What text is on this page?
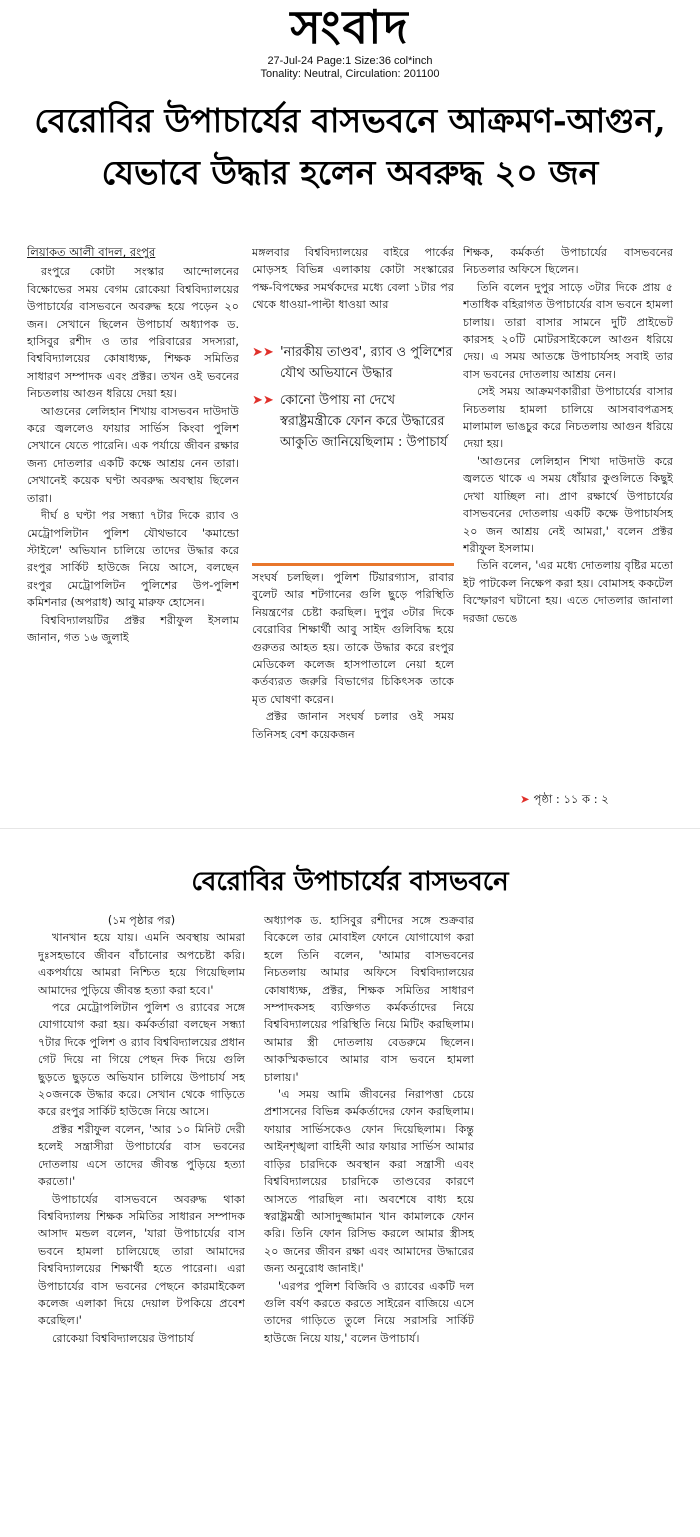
সংবাদ
27-Jul-24 Page:1 Size:36 col*inch
Tonality: Neutral, Circulation: 201100
বেরোবির উপাচার্যের বাসভবনে আক্রমণ-আগুন,
যেভাবে উদ্ধার হলেন অবরুদ্ধ ২০ জন

লিয়াকত আলী বাদল, রংপুর

রংপুরে কোটা সংস্কার আন্দোলনের বিক্ষোভের সময় বেগম রোকেয়া বিশ্ববিদ্যালয়ের উপাচার্যের বাসভবনে অবরুদ্ধ হয়ে পড়েন ২০ জন। সেখানে ছিলেন উপাচার্য অধ্যাপক ড. হাসিবুর রশীদ ও তার পরিবারের সদস্যরা, বিশ্ববিদ্যালয়ের কোষাধ্যক্ষ, শিক্ষক সমিতির সাধারণ সম্পাদক এবং প্রক্টর। তখন ওই ভবনের নিচতলায় আগুন ধরিয়ে দেয়া হয়।

আগুনের লেলিহান শিখায় বাসভবন দাউদাউ করে জ্বললেও ফায়ার সার্ভিস কিংবা পুলিশ সেখানে যেতে পারেনি। এক পর্যায়ে জীবন রক্ষার জন্য দোতলার একটি কক্ষে আশ্রয় নেন তারা। সেখানেই কয়েক ঘণ্টা অবরুদ্ধ অবস্থায় ছিলেন তারা।

দীর্ঘ ৪ ঘণ্টা পর সন্ধ্যা ৭টার দিকে র‌্যাব ও মেট্রোপলিটান পুলিশ যৌথভাবে 'কমান্ডো স্টাইলে' অভিযান চালিয়ে তাদের উদ্ধার করে রংপুর সার্কিট হাউজে নিয়ে আসে, বলছেন রংপুর মেট্রোপলিটন পুলিশের উপ-পুলিশ কমিশনার (অপরাধ) আবু মারুফ হোসেন।

বিশ্ববিদ্যালয়টির প্রক্টর শরীফুল ইসলাম জানান, গত ১৬ জুলাই

মঙ্গলবার বিশ্ববিদ্যালয়ের বাইরে পার্কের মোড়সহ বিভিন্ন এলাকায় কোটা সংস্কারের পক্ষ-বিপক্ষের সমর্থকদের মধ্যে বেলা ১টার পর থেকে ধাওয়া-পাল্টা ধাওয়া আর

➤➤ 'নারকীয় তাণ্ডব', র‌্যাব ও পুলিশের যৌথ অভিযানে উদ্ধার
➤➤ কোনো উপায় না দেখে স্বরাষ্ট্রমন্ত্রীকে ফোন করে উদ্ধারের আকুতি জানিয়েছিলাম : উপাচার্য

সংঘর্ষ চলছিল। পুলিশ টিয়ারগ্যাস, রাবার বুলেট আর শটগানের গুলি ছুড়ে পরিস্থিতি নিয়ন্ত্রণের চেষ্টা করছিল। দুপুর ৩টার দিকে বেরোবির শিক্ষার্থী আবু সাইদ গুলিবিদ্ধ হয়ে গুরুতর আহত হয়। তাকে উদ্ধার করে রংপুর মেডিকেল কলেজ হাসপাতালে নেয়া হলে কর্তব্যরত জরুরি বিভাগের চিকিৎসক তাকে মৃত ঘোষণা করেন।

প্রক্টর জানান সংঘর্ষ চলার ওই সময় তিনিসহ বেশ কয়েকজন

শিক্ষক, কর্মকর্তা উপাচার্যের বাসভবনের নিচতলার অফিসে ছিলেন।

তিনি বলেন দুপুর সাড়ে ৩টার দিকে প্রায় ৫ শতাধিক বহিরাগত উপাচার্যের বাস ভবনে হামলা চালায়। তারা বাসার সামনে দুটি প্রাইভেট কারসহ ২০টি মোটরসাইকেলে আগুন ধরিয়ে দেয়। এ সময় আতঙ্কে উপাচার্যসহ সবাই তার বাস ভবনের দোতলায় আশ্রয় নেন।

সেই সময় আক্রমণকারীরা উপাচার্যের বাসার নিচতলায় হামলা চালিয়ে আসবাবপত্রসহ মালামাল ভাঙচুর করে নিচতলায় আগুন ধরিয়ে দেয়া হয়।

'আগুনের লেলিহান শিখা দাউদাউ করে জ্বলতে থাকে এ সময় ধোঁয়ার কুণ্ডলিতে কিছুই দেখা যাচ্ছিল না। প্রাণ রক্ষার্থে উপাচার্যের বাসভবনের দোতলায় একটি কক্ষে উপাচার্যসহ ২০ জন আশ্রয় নেই আমরা,' বলেন প্রক্টর শরীফুল ইসলাম।

তিনি বলেন, 'এর মধ্যে দোতলায় বৃষ্টির মতো ইট পাটকেল নিক্ষেপ করা হয়। বোমাসহ ককটেল বিস্ফোরণ ঘটানো হয়। এতে দোতলার জানালা দরজা ভেঙে

➤ পৃষ্ঠা : ১১ ক : ২
বেরোবির উপাচার্যের বাসভবনে

(১ম পৃষ্ঠার পর)

খানখান হয়ে যায়। এমনি অবস্থায় আমরা দুঃসহভাবে জীবন বাঁচানোর অপচেষ্টা করি। একপর্যায়ে আমরা নিশ্চিত হয়ে গিয়েছিলাম আমাদের পুড়িয়ে জীবন্ত হত্যা করা হবে।'

পরে মেট্রোপলিটান পুলিশ ও র‌্যাবের সঙ্গে যোগাযোগ করা হয়। কর্মকর্তারা বলছেন সন্ধ্যা ৭টার দিকে পুলিশ ও র‌্যাব বিশ্ববিদ্যালয়ের প্রধান গেট দিয়ে না গিয়ে পেছন দিক দিয়ে গুলি ছুড়তে ছুড়তে অভিযান চালিয়ে উপাচার্য সহ ২০জনকে উদ্ধার করে। সেখান থেকে গাড়িতে করে রংপুর সার্কিট হাউজে নিয়ে আসে।

প্রক্টর শরীফুল বলেন, 'আর ১০ মিনিট দেরী হলেই সন্ত্রাসীরা উপাচার্যের বাস ভবনের দোতলায় এসে তাদের জীবন্ত পুড়িয়ে হত্যা করতো।'

উপাচার্যের বাসভবনে অবরুদ্ধ থাকা বিশ্ববিদ্যালয় শিক্ষক সমিতির সাধারন সম্পাদক আসাদ মন্ডল বলেন, 'যারা উপাচার্যের বাস ভবনে হামলা চালিয়েছে তারা আমাদের বিশ্ববিদ্যালয়ের শিক্ষার্থী হতে পারেনা। এরা উপাচার্যের বাস ভবনের পেছনে কারমাইকেল কলেজ এলাকা দিয়ে দেয়াল টপকিয়ে প্রবেশ করেছিল।'

রোকেয়া বিশ্ববিদ্যালয়ের উপাচার্য

অধ্যাপক ড. হাসিবুর রশীদের সঙ্গে শুক্রবার বিকেলে তার মোবাইল ফোনে যোগাযোগ করা হলে তিনি বলেন, 'আমার বাসভবনের নিচতলায় আমার অফিসে বিশ্ববিদ্যালয়ের কোষাধ্যক্ষ, প্রক্টর, শিক্ষক সমিতির সাধারণ সম্পাদকসহ ব্যক্তিগত কর্মকর্তাদের নিয়ে বিশ্ববিদ্যালয়ের পরিস্থিতি নিয়ে মিটিং করছিলাম। আমার স্ত্রী দোতলায় বেডরুমে ছিলেন। আকস্মিকভাবে আমার বাস ভবনে হামলা চালায়।'

'এ সময় আমি জীবনের নিরাপত্তা চেয়ে প্রশাসনের বিভিন্ন কর্মকর্তাদের ফোন করছিলাম। ফায়ার সার্ভিসকেও ফোন দিয়েছিলাম। কিন্তু আইনশৃঙ্খলা বাহিনী আর ফায়ার সার্ভিস আমার বাড়ির চারদিকে অবস্থান করা সন্ত্রাসী এবং বিশ্ববিদ্যালয়ের চারদিকে তাণ্ডবের কারণে আসতে পারছিল না। অবশেষে বাধ্য হয়ে স্বরাষ্ট্রমন্ত্রী আসাদুজ্জামান খান কামালকে ফোন করি। তিনি ফোন রিসিভ করলে আমার স্ত্রীসহ ২০ জনের জীবন রক্ষা এবং আমাদের উদ্ধারের জন্য অনুরোধ জানাই।'

'এরপর পুলিশ বিজিবি ও র‌্যাবের একটি দল গুলি বর্ষণ করতে করতে সাইরেন বাজিয়ে এসে তাদের গাড়িতে তুলে নিয়ে সরাসরি সার্কিট হাউজে নিয়ে যায়,' বলেন উপাচার্য।
